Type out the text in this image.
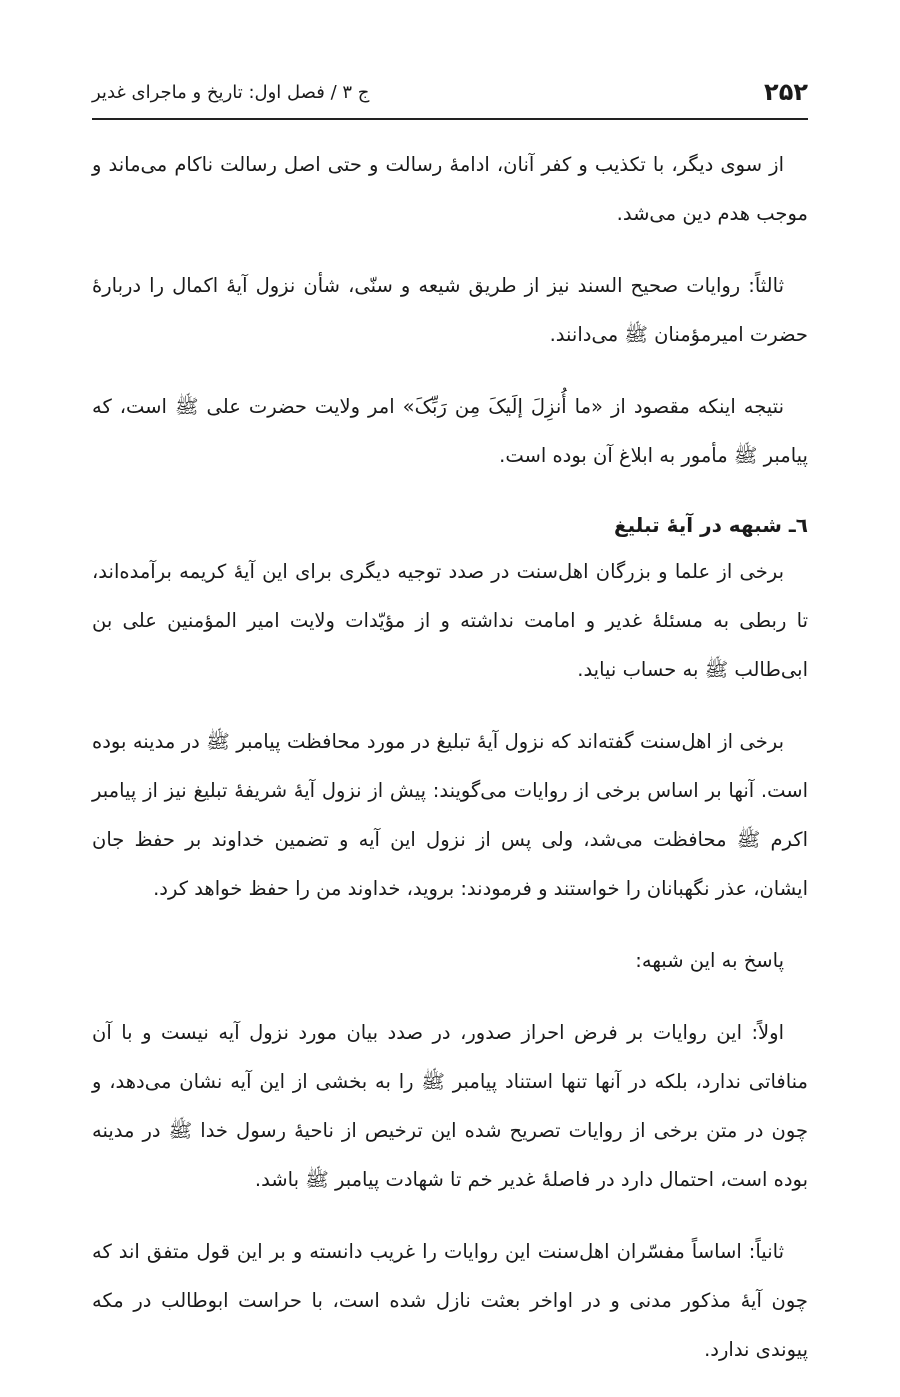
۲۵۲
ج ۳ / فصل اول: تاریخ و ماجرای غدیر

از سوی دیگر، با تکذیب و کفر آنان، ادامهٔ رسالت و حتی اصل رسالت ناکام می‌ماند و موجب هدم دین می‌شد.

ثالثاً: روایات صحیح السند نیز از طریق شیعه و سنّی، شأن نزول آیهٔ اکمال را دربارهٔ حضرت امیرمؤمنان ﷺ می‌دانند.

نتیجه اینکه مقصود از «ما أُنزِلَ إلَیکَ مِن رَبِّکَ» امر ولایت حضرت علی ﷺ است، که پیامبر ﷺ مأمور به ابلاغ آن بوده است.

٦ـ شبهه در آیهٔ تبلیغ

برخی از علما و بزرگان اهل‌سنت در صدد توجیه دیگری برای این آیهٔ کریمه برآمده‌اند، تا ربطی به مسئلهٔ غدیر و امامت نداشته و از مؤیّدات ولایت امیر المؤمنین علی بن ابی‌طالب ﷺ به حساب نیاید.

برخی از اهل‌سنت گفته‌اند که نزول آیهٔ تبلیغ در مورد محافظت پیامبر ﷺ در مدینه بوده است. آنها بر اساس برخی از روایات می‌گویند: پیش از نزول آیهٔ شریفهٔ تبلیغ نیز از پیامبر اکرم ﷺ محافظت می‌شد، ولی پس از نزول این آیه و تضمین خداوند بر حفظ جان ایشان، عذر نگهبانان را خواستند و فرمودند: بروید، خداوند من را حفظ خواهد کرد.

پاسخ به این شبهه:

اولاً: این روایات بر فرض احراز صدور، در صدد بیان مورد نزول آیه نیست و با آن منافاتی ندارد، بلکه در آنها تنها استناد پیامبر ﷺ را به بخشی از این آیه نشان می‌دهد، و چون در متن برخی از روایات تصریح شده این ترخیص از ناحیهٔ رسول خدا ﷺ در مدینه بوده است، احتمال دارد در فاصلهٔ غدیر خم تا شهادت پیامبر ﷺ باشد.

ثانیاً: اساساً مفسّران اهل‌سنت این روایات را غریب دانسته و بر این قول متفق اند که چون آیهٔ مذکور مدنی و در اواخر بعثت نازل شده است، با حراست ابوطالب در مکه پیوندی ندارد.
